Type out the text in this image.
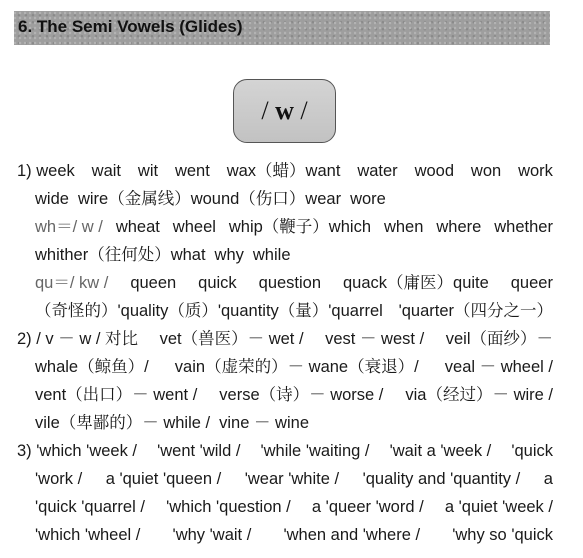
6. The Semi Vowels (Glides)
/ w /
1) week wait wit went wax（蜡）want water wood won work
wide wire（金属线）wound（伤口）wear wore
wh＝/ w / wheat wheel whip（鞭子）which when where whether
whither（往何处）what why while
qu＝/ kw / queen quick question quack（庸医）quite queer
（奇怪的）'quality（质）'quantity（量）'quarrel 'quarter（四分之一）
2) / v － w / 对比 vet（兽医）－ wet / vest － west / veil（面纱）－
whale（鲸鱼）/ vain（虚荣的）－ wane（衰退）/ veal － wheel /
vent（出口）－ went / verse（诗）－ worse / via（经过）－ wire /
vile（卑鄙的）－ while / vine － wine
3) 'which 'week / 'went 'wild / 'while 'waiting / 'wait a 'week / 'quick
'work / a 'quiet 'queen / 'wear 'white / 'quality and 'quantity / a
'quick 'quarrel / 'which 'question / a 'queer 'word / a 'quiet 'week /
'which 'wheel / 'why 'wait / 'when and 'where / 'why so 'quick
